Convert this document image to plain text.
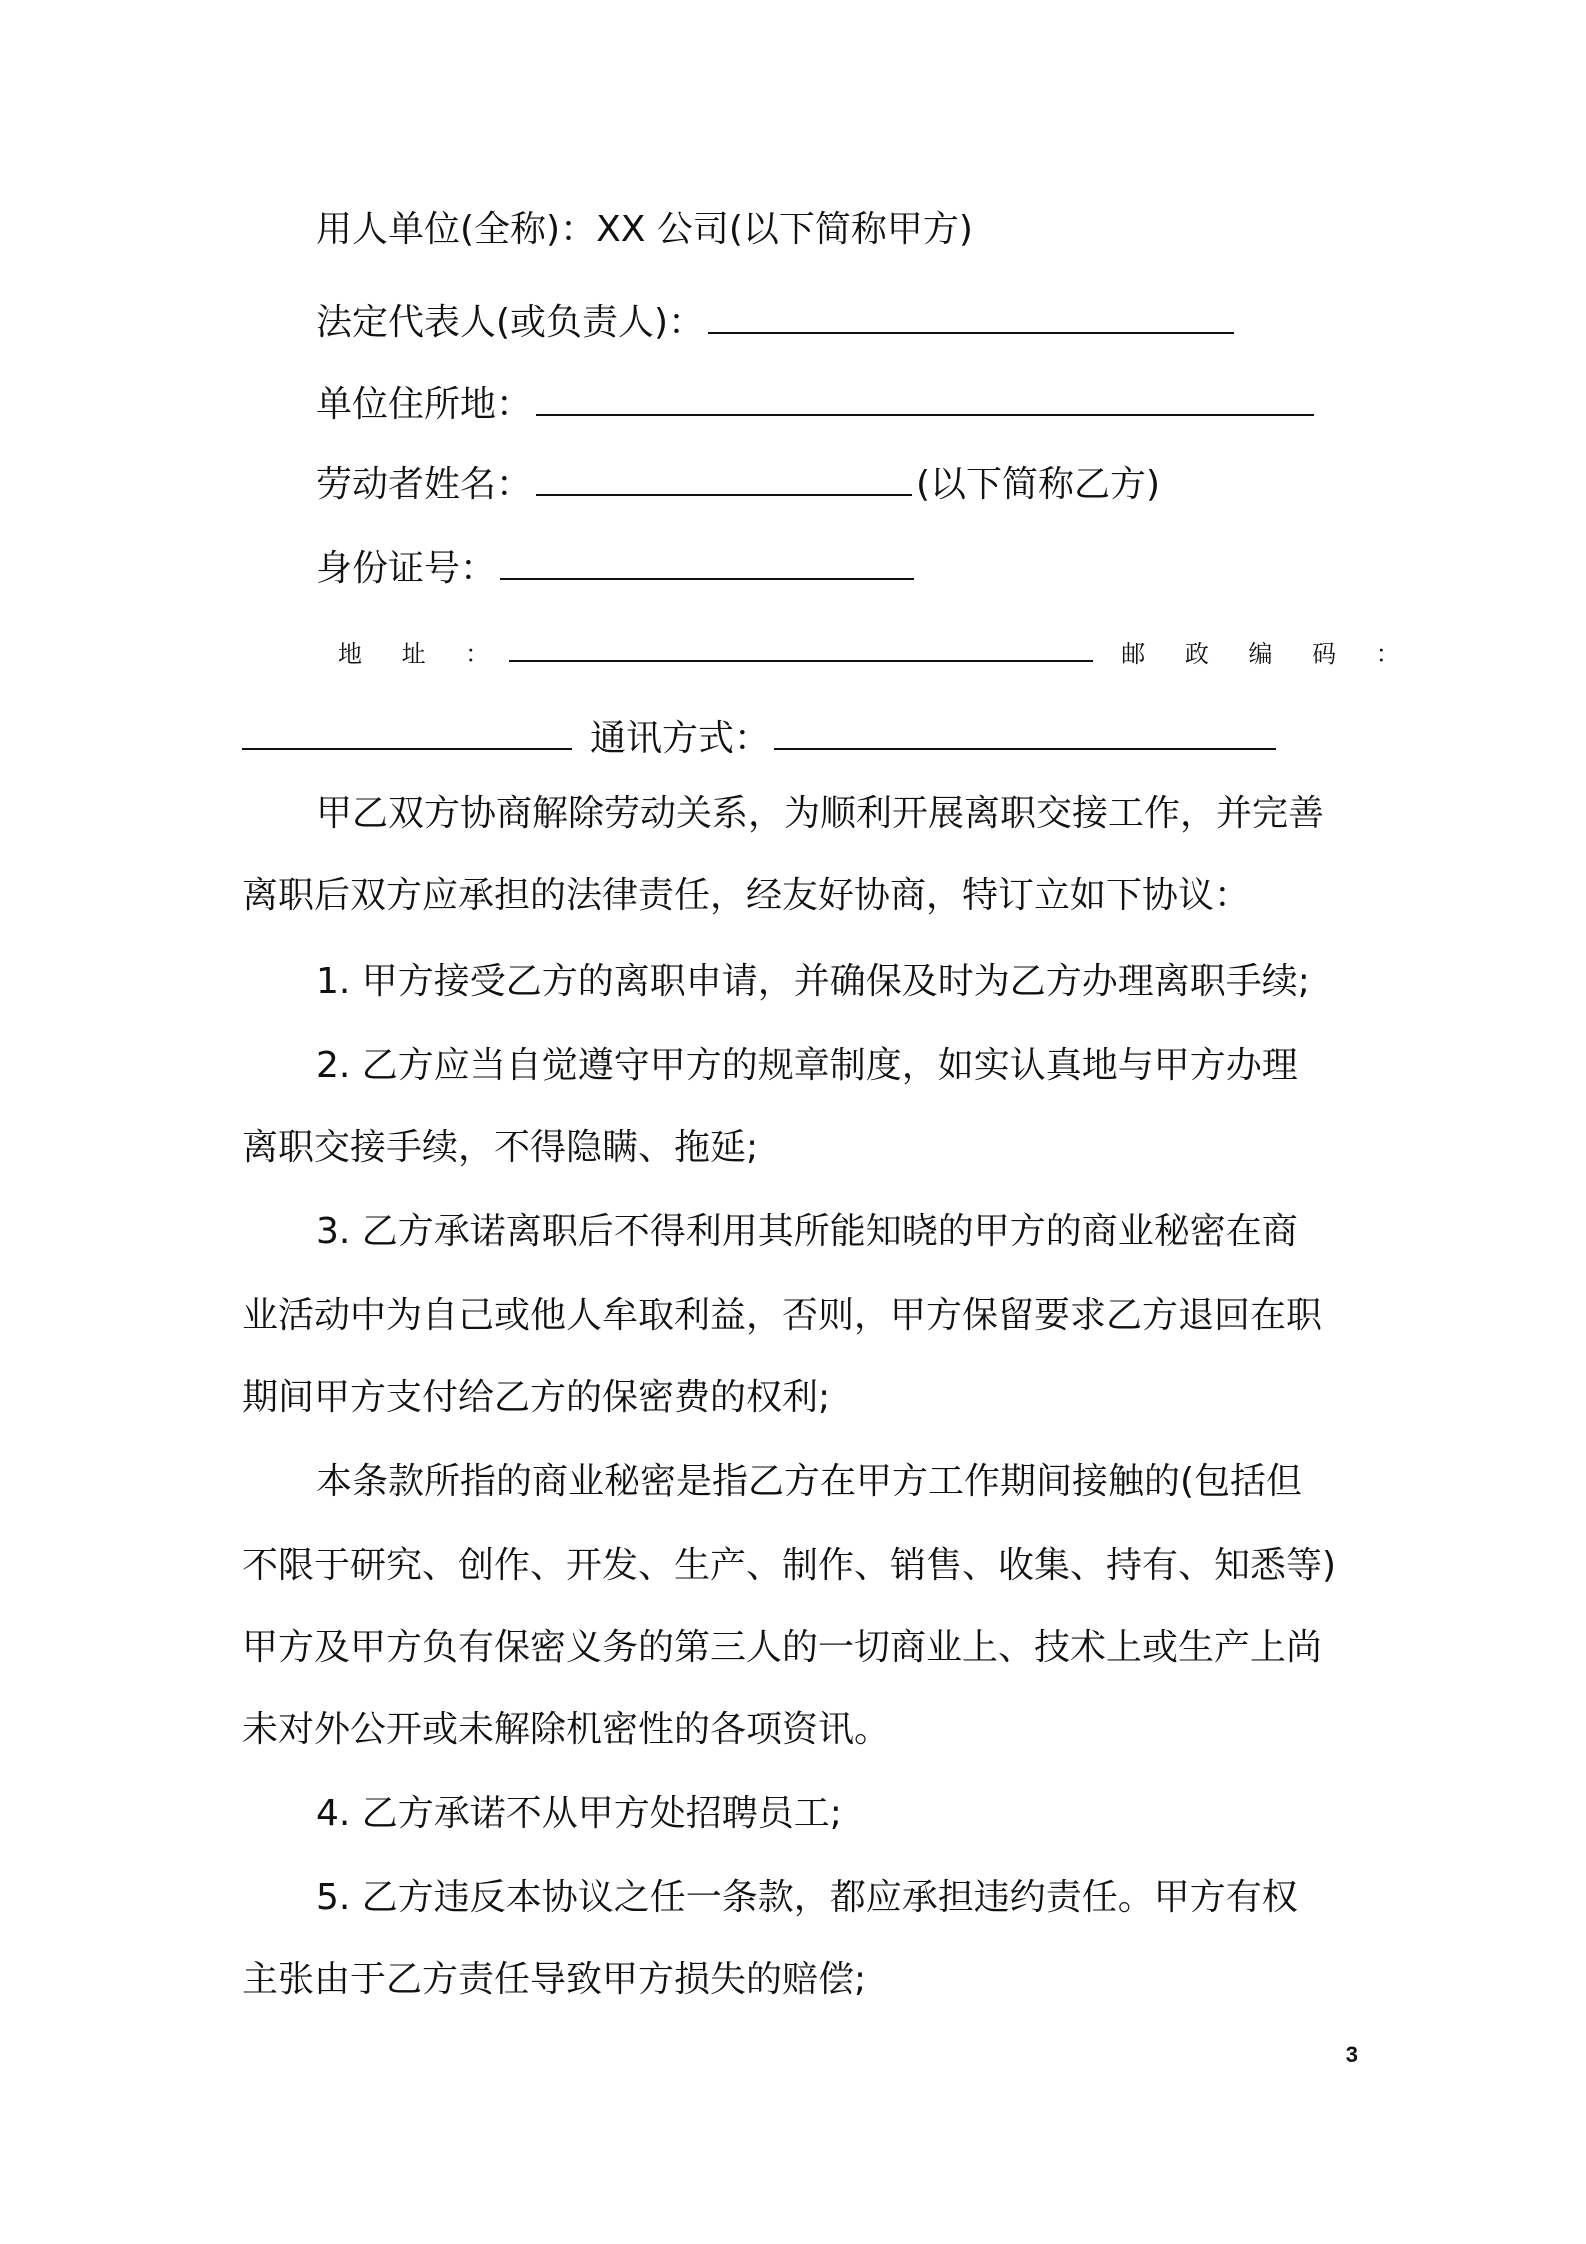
用人单位(全称)：XX 公司(以下简称甲方)
法定代表人(或负责人)：
单位住所地：
劳动者姓名：	(以下简称乙方)
身份证号：
地 址 ：	邮 政 编 码 ：
通讯方式：
甲乙双方协商解除劳动关系，为顺利开展离职交接工作，并完善
离职后双方应承担的法律责任，经友好协商，特订立如下协议：
1. 甲方接受乙方的离职申请，并确保及时为乙方办理离职手续;
2. 乙方应当自觉遵守甲方的规章制度，如实认真地与甲方办理
离职交接手续，不得隐瞒、拖延;
3. 乙方承诺离职后不得利用其所能知晓的甲方的商业秘密在商
业活动中为自己或他人牟取利益，否则，甲方保留要求乙方退回在职
期间甲方支付给乙方的保密费的权利;
本条款所指的商业秘密是指乙方在甲方工作期间接触的(包括但
不限于研究、创作、开发、生产、制作、销售、收集、持有、知悉等)
甲方及甲方负有保密义务的第三人的一切商业上、技术上或生产上尚
未对外公开或未解除机密性的各项资讯。
4. 乙方承诺不从甲方处招聘员工;
5. 乙方违反本协议之任一条款，都应承担违约责任。甲方有权
主张由于乙方责任导致甲方损失的赔偿;
3
